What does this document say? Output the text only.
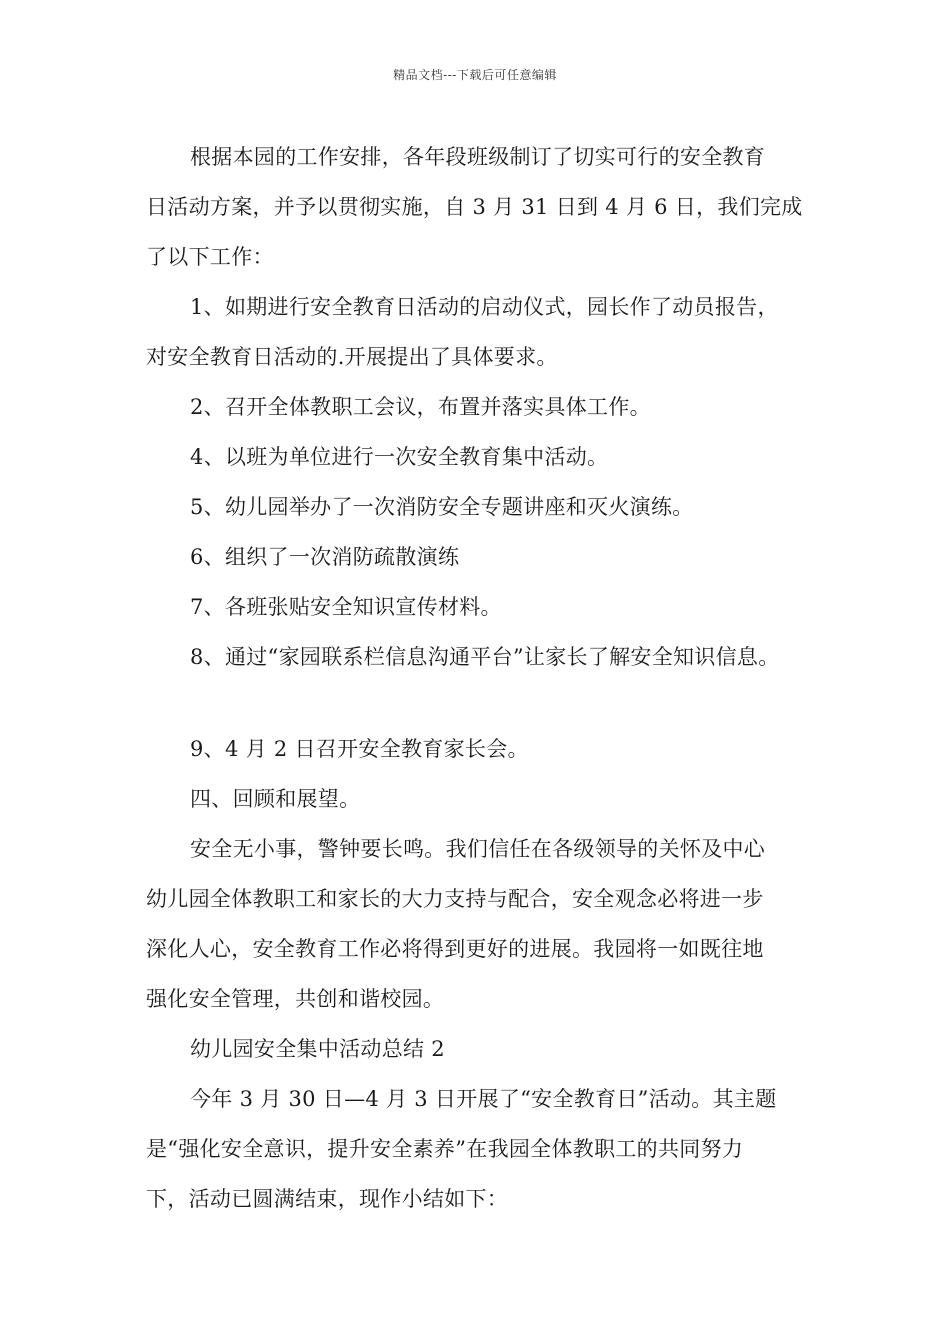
精品文档---下载后可任意编辑
根据本园的工作安排，各年段班级制订了切实可行的安全教育
日活动方案，并予以贯彻实施，自 3 月 31 日到 4 月 6 日，我们完成
了以下工作：
1、如期进行安全教育日活动的启动仪式，园长作了动员报告，
对安全教育日活动的.开展提出了具体要求。
2、召开全体教职工会议，布置并落实具体工作。
4、以班为单位进行一次安全教育集中活动。
5、幼儿园举办了一次消防安全专题讲座和灭火演练。
6、组织了一次消防疏散演练
7、各班张贴安全知识宣传材料。
8、通过“家园联系栏信息沟通平台”让家长了解安全知识信息。
9、4 月 2 日召开安全教育家长会。
四、回顾和展望。
安全无小事，警钟要长鸣。我们信任在各级领导的关怀及中心
幼儿园全体教职工和家长的大力支持与配合，安全观念必将进一步
深化人心，安全教育工作必将得到更好的进展。我园将一如既往地
强化安全管理，共创和谐校园。
幼儿园安全集中活动总结 2
今年 3 月 30 日—4 月 3 日开展了“安全教育日”活动。其主题
是“强化安全意识，提升安全素养”在我园全体教职工的共同努力
下，活动已圆满结束，现作小结如下：
